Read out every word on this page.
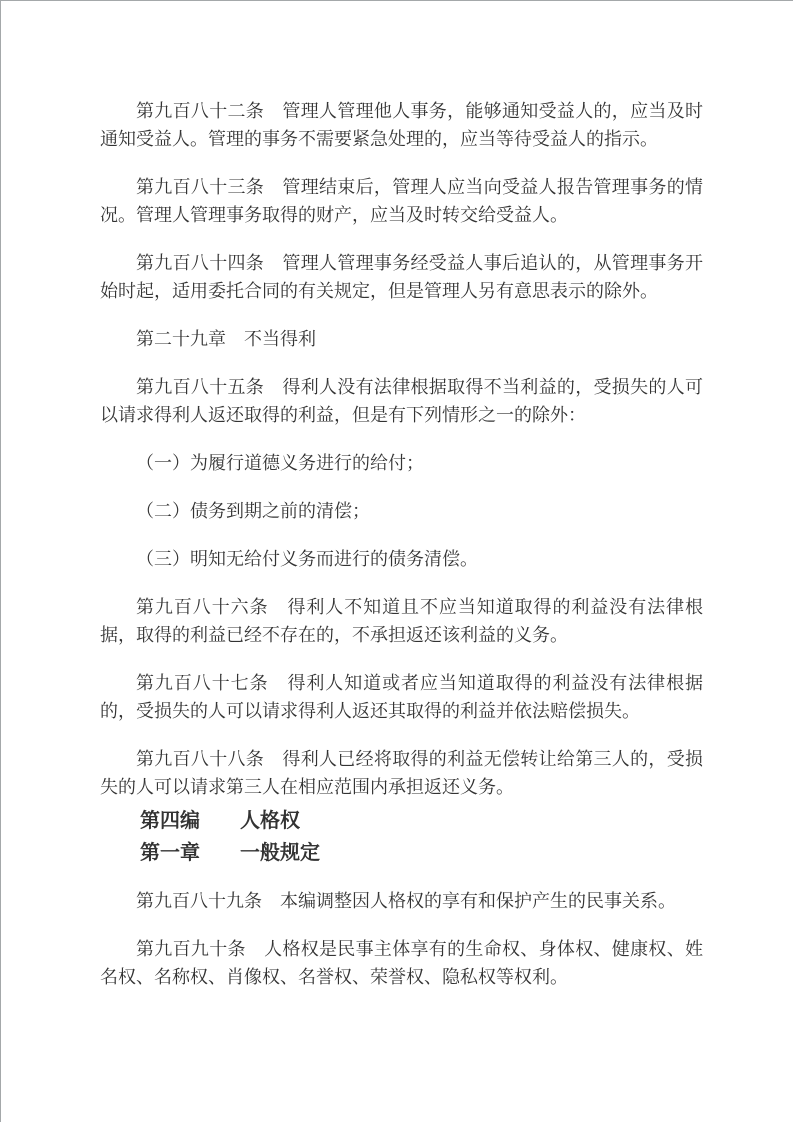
第九百八十二条　管理人管理他人事务，能够通知受益人的，应当及时通知受益人。管理的事务不需要紧急处理的，应当等待受益人的指示。

第九百八十三条　管理结束后，管理人应当向受益人报告管理事务的情况。管理人管理事务取得的财产，应当及时转交给受益人。

第九百八十四条　管理人管理事务经受益人事后追认的，从管理事务开始时起，适用委托合同的有关规定，但是管理人另有意思表示的除外。

第二十九章　不当得利

第九百八十五条　得利人没有法律根据取得不当利益的，受损失的人可以请求得利人返还取得的利益，但是有下列情形之一的除外：

（一）为履行道德义务进行的给付；

（二）债务到期之前的清偿；

（三）明知无给付义务而进行的债务清偿。

第九百八十六条　得利人不知道且不应当知道取得的利益没有法律根据，取得的利益已经不存在的，不承担返还该利益的义务。

第九百八十七条　得利人知道或者应当知道取得的利益没有法律根据的，受损失的人可以请求得利人返还其取得的利益并依法赔偿损失。

第九百八十八条　得利人已经将取得的利益无偿转让给第三人的，受损失的人可以请求第三人在相应范围内承担返还义务。

第四编　　人格权

第一章　　一般规定

第九百八十九条　本编调整因人格权的享有和保护产生的民事关系。

第九百九十条　人格权是民事主体享有的生命权、身体权、健康权、姓名权、名称权、肖像权、名誉权、荣誉权、隐私权等权利。
